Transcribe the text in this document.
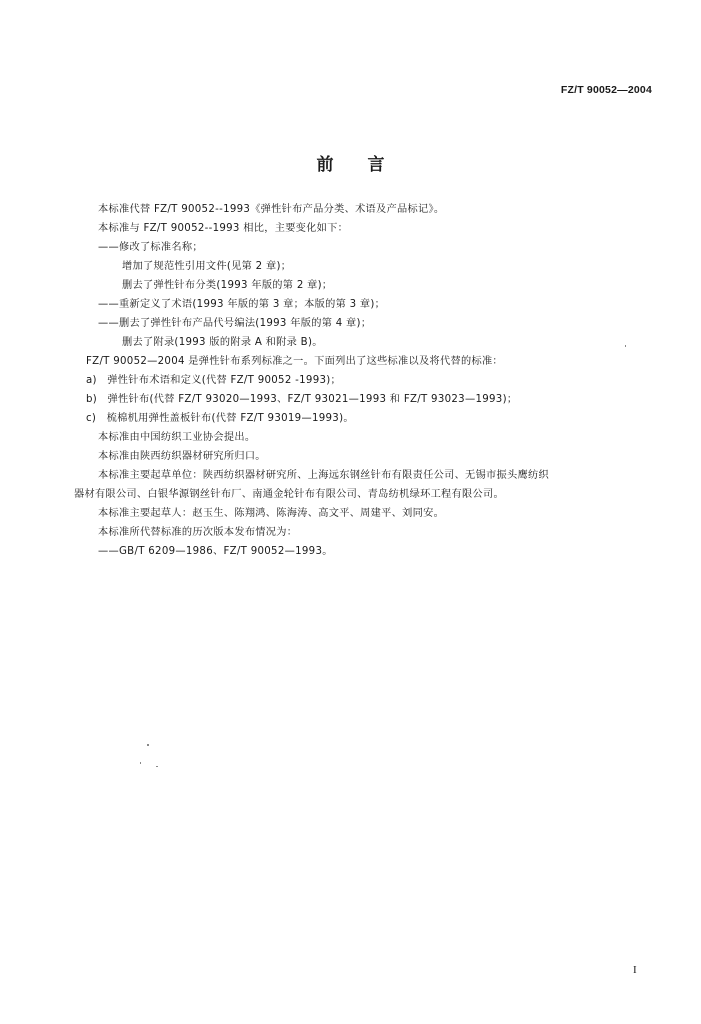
FZ/T 90052—2004
前　　言
本标准代替 FZ/T 90052--1993《弹性针布产品分类、术语及产品标记》。
本标准与 FZ/T 90052--1993 相比，主要变化如下：
——修改了标准名称；
增加了规范性引用文件(见第 2 章)；
删去了弹性针布分类(1993 年版的第 2 章)；
——重新定义了术语(1993 年版的第 3 章；本版的第 3 章)；
——删去了弹性针布产品代号编法(1993 年版的第 4 章)；
删去了附录(1993 版的附录 A 和附录 B)。
FZ/T 90052—2004 是弹性针布系列标准之一。下面列出了这些标准以及将代替的标准：
a)　弹性针布术语和定义(代替 FZ/T 90052 -1993)；
b)　弹性针布(代替 FZ/T 93020—1993、FZ/T 93021—1993 和 FZ/T 93023—1993)；
c)　梳棉机用弹性盖板针布(代替 FZ/T 93019—1993)。
本标准由中国纺织工业协会提出。
本标准由陕西纺织器材研究所归口。
本标准主要起草单位：陕西纺织器材研究所、上海远东钢丝针布有限责任公司、无锡市振头鹰纺织
器材有限公司、白银华源钢丝针布厂、南通金轮针布有限公司、青岛纺机绿环工程有限公司。
本标准主要起草人：赵玉生、陈翔鸿、陈海涛、高文平、周建平、刘同安。
本标准所代替标准的历次版本发布情况为：
——GB/T 6209—1986、FZ/T 90052—1993。
I
